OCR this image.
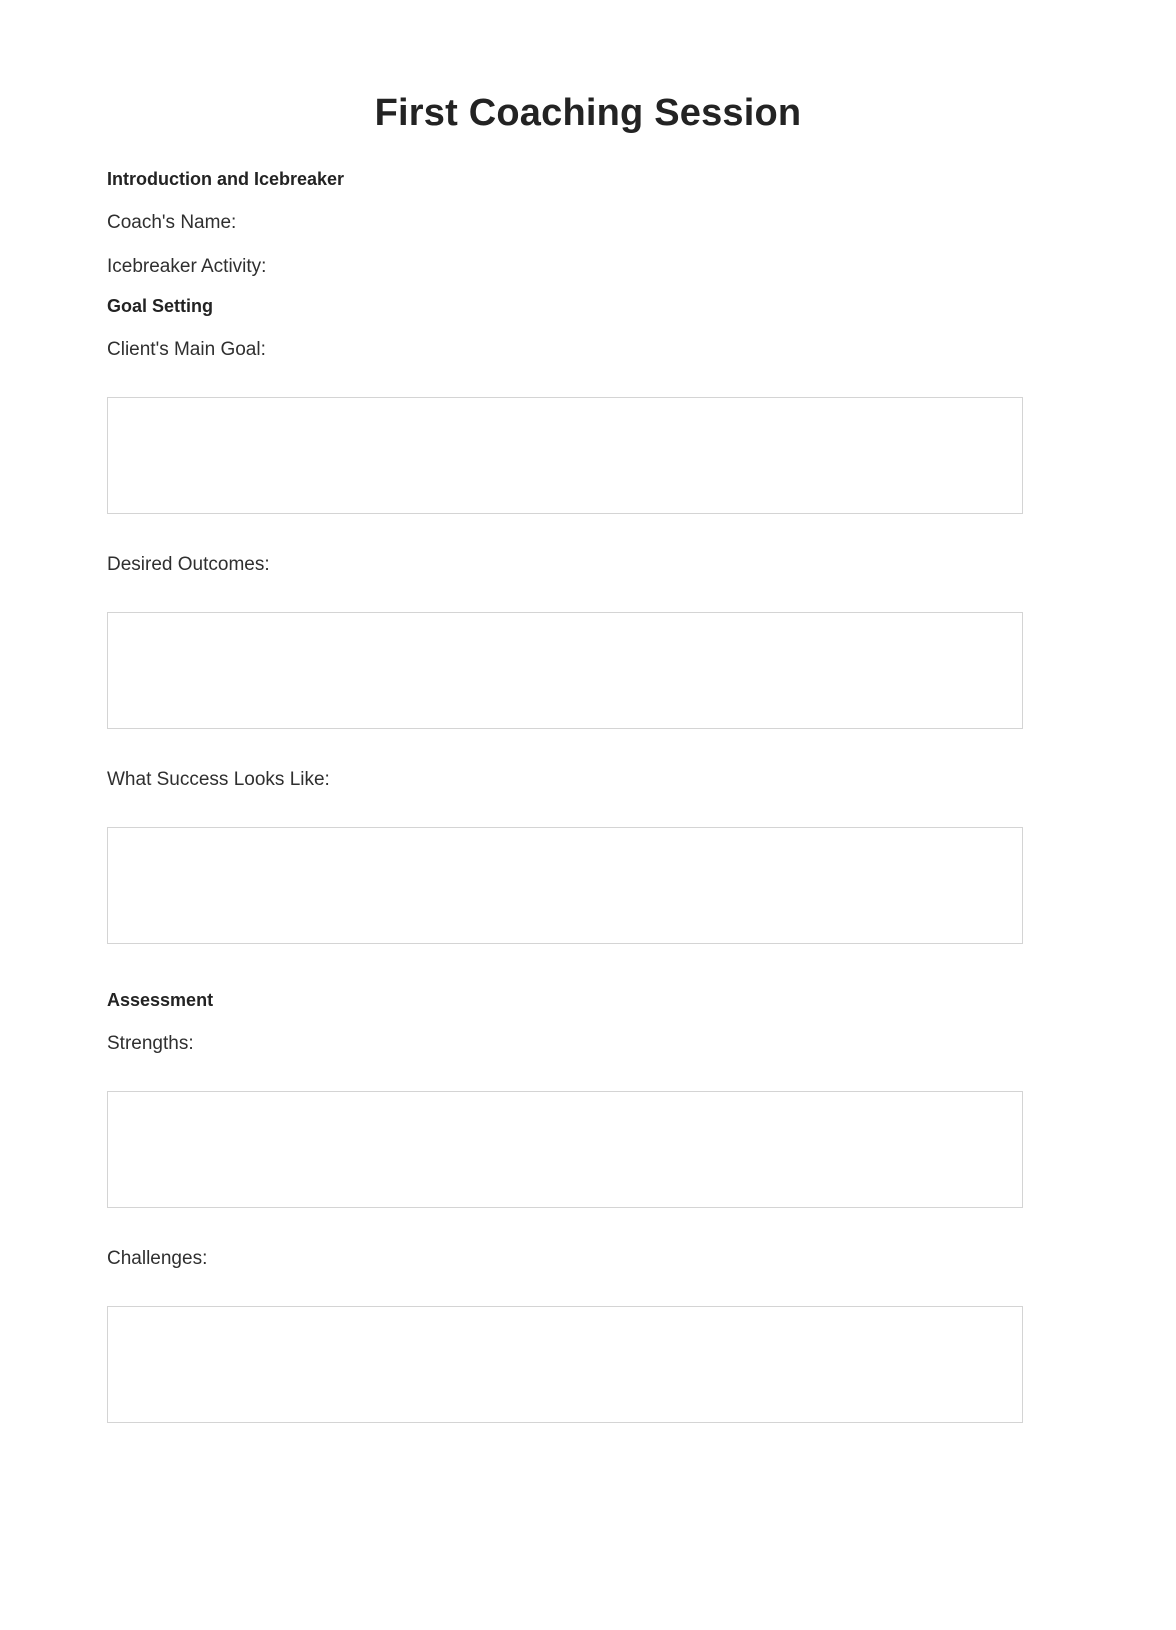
First Coaching Session
Introduction and Icebreaker
Coach's Name:
Icebreaker Activity:
Goal Setting
Client's Main Goal:
Desired Outcomes:
What Success Looks Like:
Assessment
Strengths:
Challenges:
